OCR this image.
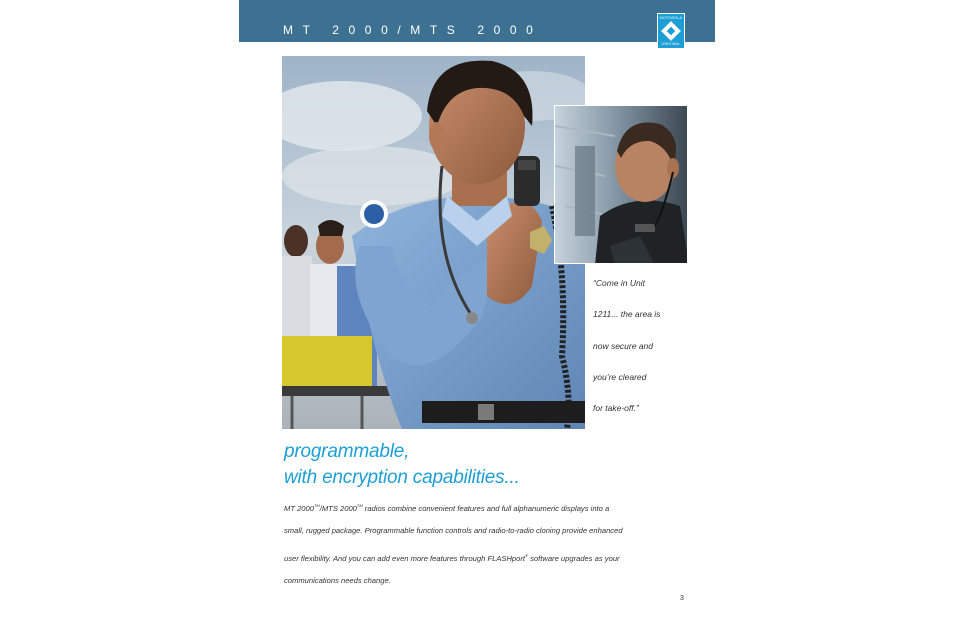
MT 2000/MTS 2000
MOTOROLA
ORIGINAL
“Come in Unit
1211... the area is
now secure and
you’re cleared
for take-off.”
programmable,
with encryption capabilities...
MT 2000™/MTS 2000™ radios combine convenient features and full alphanumeric displays into a
small, rugged package. Programmable function controls and radio-to-radio cloning provide enhanced
user flexibility. And you can add even more features through FLASHport® software upgrades as your
communications needs change.
3
